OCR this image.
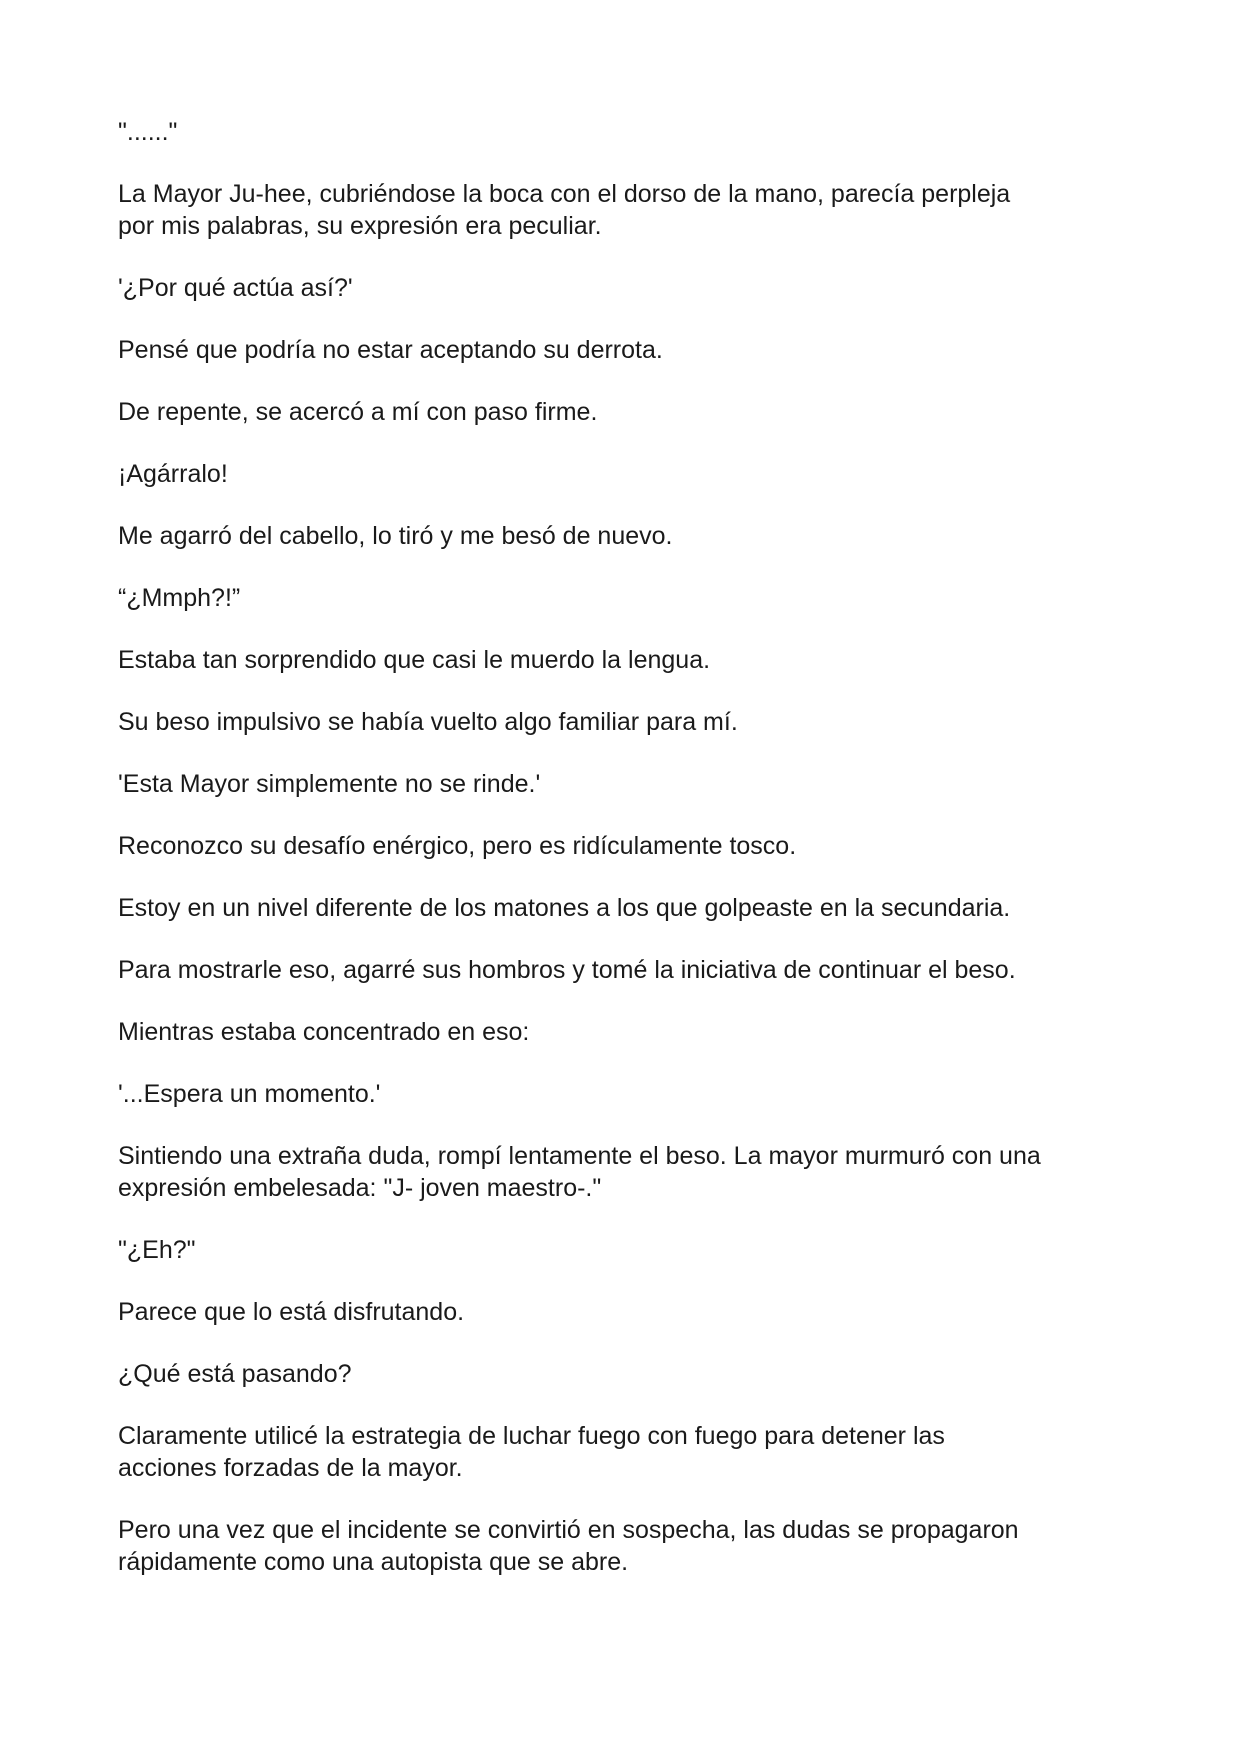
"......"

La Mayor Ju-hee, cubriéndose la boca con el dorso de la mano, parecía perpleja
por mis palabras, su expresión era peculiar.

'¿Por qué actúa así?'

Pensé que podría no estar aceptando su derrota.

De repente, se acercó a mí con paso firme.

¡Agárralo!

Me agarró del cabello, lo tiró y me besó de nuevo.

“¿Mmph?!”

Estaba tan sorprendido que casi le muerdo la lengua.

Su beso impulsivo se había vuelto algo familiar para mí.

'Esta Mayor simplemente no se rinde.'

Reconozco su desafío enérgico, pero es ridículamente tosco.

Estoy en un nivel diferente de los matones a los que golpeaste en la secundaria.

Para mostrarle eso, agarré sus hombros y tomé la iniciativa de continuar el beso.

Mientras estaba concentrado en eso:

'...Espera un momento.'

Sintiendo una extraña duda, rompí lentamente el beso. La mayor murmuró con una
expresión embelesada: "J- joven maestro-."

"¿Eh?"

Parece que lo está disfrutando.

¿Qué está pasando?

Claramente utilicé la estrategia de luchar fuego con fuego para detener las
acciones forzadas de la mayor.

Pero una vez que el incidente se convirtió en sospecha, las dudas se propagaron
rápidamente como una autopista que se abre.
